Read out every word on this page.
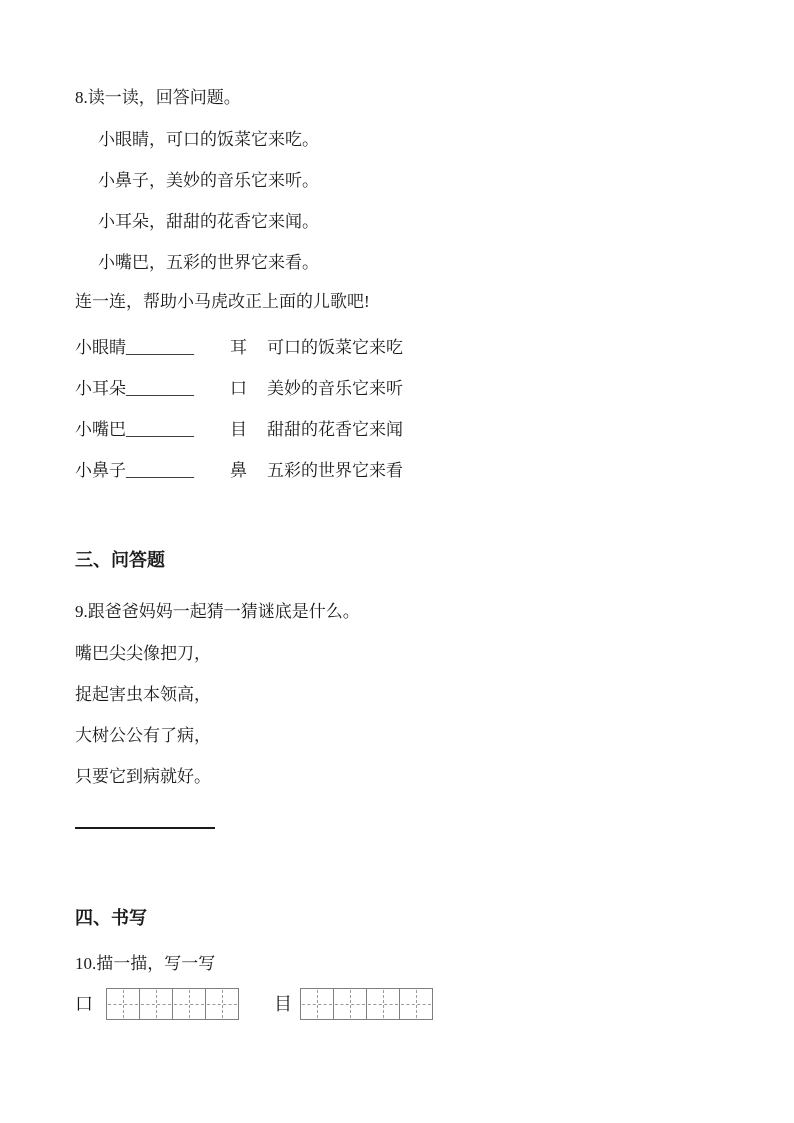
8.读一读，回答问题。
小眼睛，可口的饭菜它来吃。
小鼻子，美妙的音乐它来听。
小耳朵，甜甜的花香它来闻。
小嘴巴，五彩的世界它来看。
连一连，帮助小马虎改正上面的儿歌吧!
小眼睛________	耳	可口的饭菜它来吃
小耳朵________	口	美妙的音乐它来听
小嘴巴________	目	甜甜的花香它来闻
小鼻子________	鼻	五彩的世界它来看
三、问答题
9.跟爸爸妈妈一起猜一猜谜底是什么。
嘴巴尖尖像把刀，
捉起害虫本领高，
大树公公有了病，
只要它到病就好。
四、书写
10.描一描，写一写
口	目
